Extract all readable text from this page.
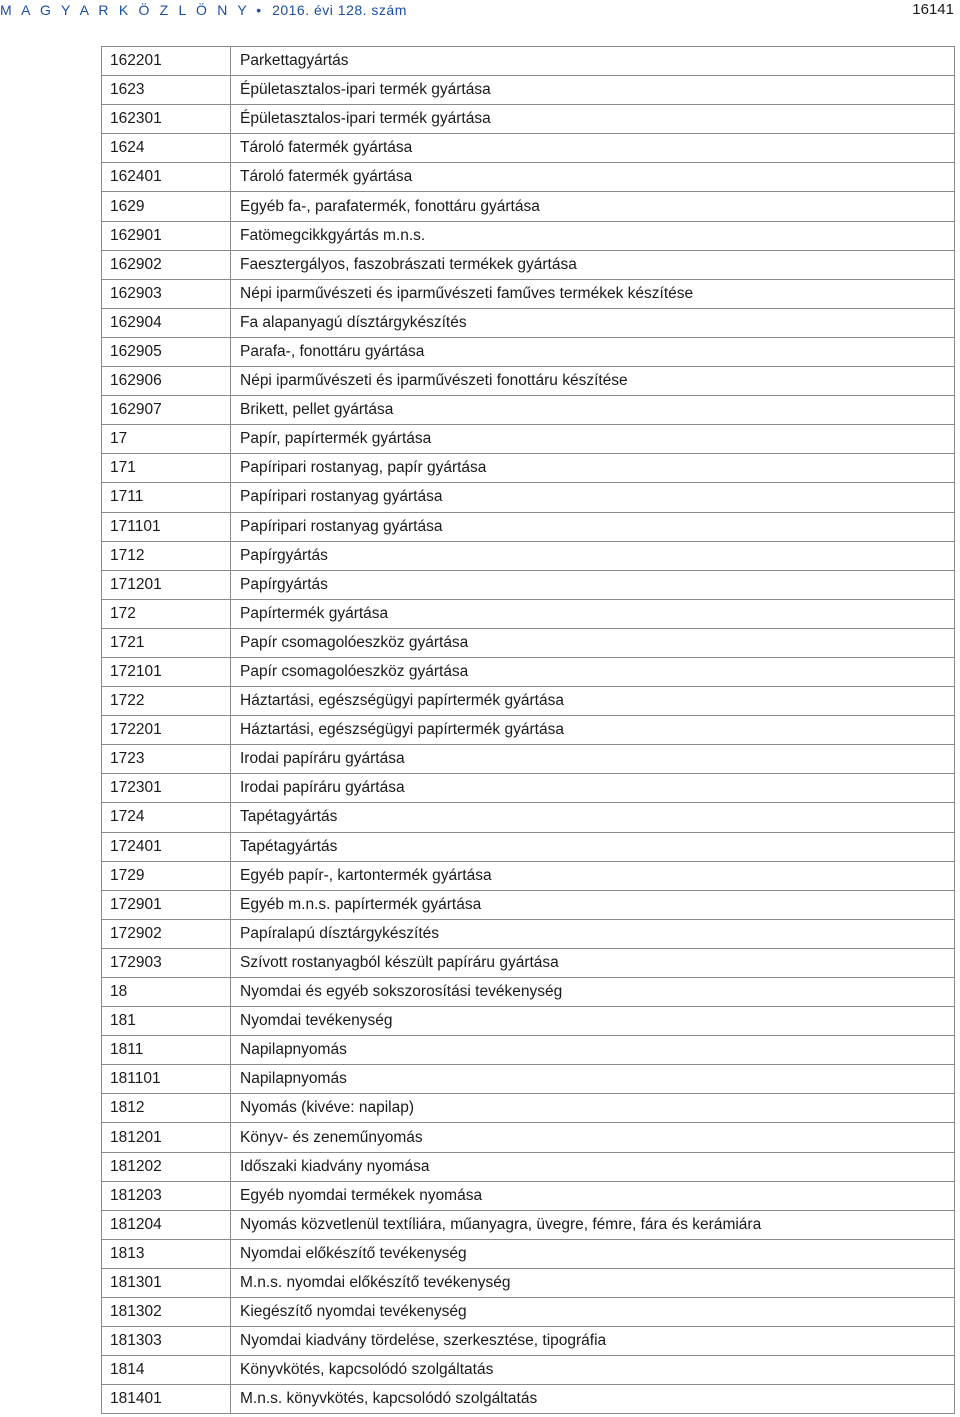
M A G Y A R K Ö Z L Ö N Y • 2016. évi 128. szám	16141
162201	Parkettagyártás
1623	Épületasztalos-ipari termék gyártása
162301	Épületasztalos-ipari termék gyártása
1624	Tároló fatermék gyártása
162401	Tároló fatermék gyártása
1629	Egyéb fa-, parafatermék, fonottáru gyártása
162901	Fatömegcikkgyártás m.n.s.
162902	Faesztergályos, faszobrászati termékek gyártása
162903	Népi iparművészeti és iparművészeti faműves termékek készítése
162904	Fa alapanyagú dísztárgykészítés
162905	Parafa-, fonottáru gyártása
162906	Népi iparművészeti és iparművészeti fonottáru készítése
162907	Brikett, pellet gyártása
17	Papír, papírtermék gyártása
171	Papíripari rostanyag, papír gyártása
1711	Papíripari rostanyag gyártása
171101	Papíripari rostanyag gyártása
1712	Papírgyártás
171201	Papírgyártás
172	Papírtermék gyártása
1721	Papír csomagolóeszköz gyártása
172101	Papír csomagolóeszköz gyártása
1722	Háztartási, egészségügyi papírtermék gyártása
172201	Háztartási, egészségügyi papírtermék gyártása
1723	Irodai papíráru gyártása
172301	Irodai papíráru gyártása
1724	Tapétagyártás
172401	Tapétagyártás
1729	Egyéb papír-, kartontermék gyártása
172901	Egyéb m.n.s. papírtermék gyártása
172902	Papíralapú dísztárgykészítés
172903	Szívott rostanyagból készült papíráru gyártása
18	Nyomdai és egyéb sokszorosítási tevékenység
181	Nyomdai tevékenység
1811	Napilapnyomás
181101	Napilapnyomás
1812	Nyomás (kivéve: napilap)
181201	Könyv- és zeneműnyomás
181202	Időszaki kiadvány nyomása
181203	Egyéb nyomdai termékek nyomása
181204	Nyomás közvetlenül textíliára, műanyagra, üvegre, fémre, fára és kerámiára
1813	Nyomdai előkészítő tevékenység
181301	M.n.s. nyomdai előkészítő tevékenység
181302	Kiegészítő nyomdai tevékenység
181303	Nyomdai kiadvány tördelése, szerkesztése, tipográfia
1814	Könyvkötés, kapcsolódó szolgáltatás
181401	M.n.s. könyvkötés, kapcsolódó szolgáltatás
